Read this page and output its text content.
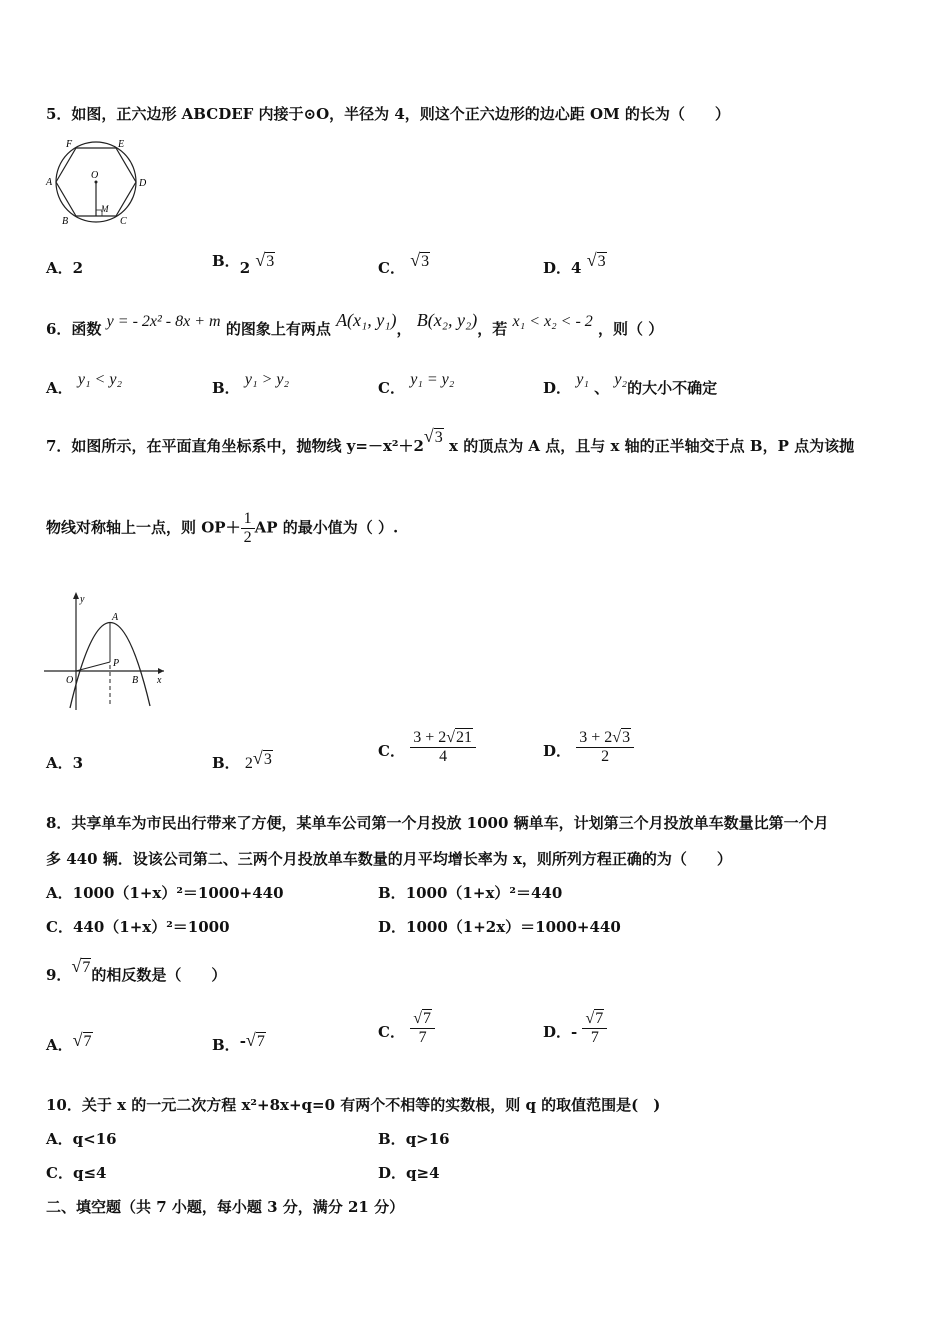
5．如图，正六边形 ABCDEF 内接于⊙O，半径为 4，则这个正六边形的边心距 OM 的长为（　　）
F	E
A	D
O
M
B	C
A．2	B．2 √3	C． √3	D．4 √3
6．函数 y = - 2x² - 8x + m 的图象上有两点 A(x₁, y₁)， B(x₂, y₂)，若 x₁ < x₂ < - 2 ，则（ ）
A． y₁ < y₂	B． y₁ > y₂	C． y₁ = y₂	D． y₁ 、 y₂的大小不确定
7．如图所示，在平面直角坐标系中，抛物线 y=－x²＋2√3 x 的顶点为 A 点，且与 x 轴的正半轴交于点 B，P 点为该抛
物线对称轴上一点，则 $OP+ \frac{1}{2}$ AP 的最小值为（ ）.
y
A
P
O	B x
A．3	B． 2√3	C． $\frac{3 + 2√21}{4}$	D． $\frac{3 + 2√3}{2}$
8．共享单车为市民出行带来了方便，某单车公司第一个月投放 1000 辆单车，计划第三个月投放单车数量比第一个月
多 440 辆．设该公司第二、三两个月投放单车数量的月平均增长率为 x，则所列方程正确的为（　　）
A．1000（1+x）²＝1000+440	B．1000（1+x）²＝440
C．440（1+x）²＝1000	D．1000（1+2x）＝1000+440
9．√7的相反数是（　　）
A．√7	B．-√7
C． $\frac{√7}{7}$	D．- $\frac{√7}{7}$
10．关于 x 的一元二次方程 x²+8x+q=0 有两个不相等的实数根，则 q 的取值范围是(　)
A．q<16	B．q>16
C．q≤4	D．q≥4
二、填空题（共 7 小题，每小题 3 分，满分 21 分）
